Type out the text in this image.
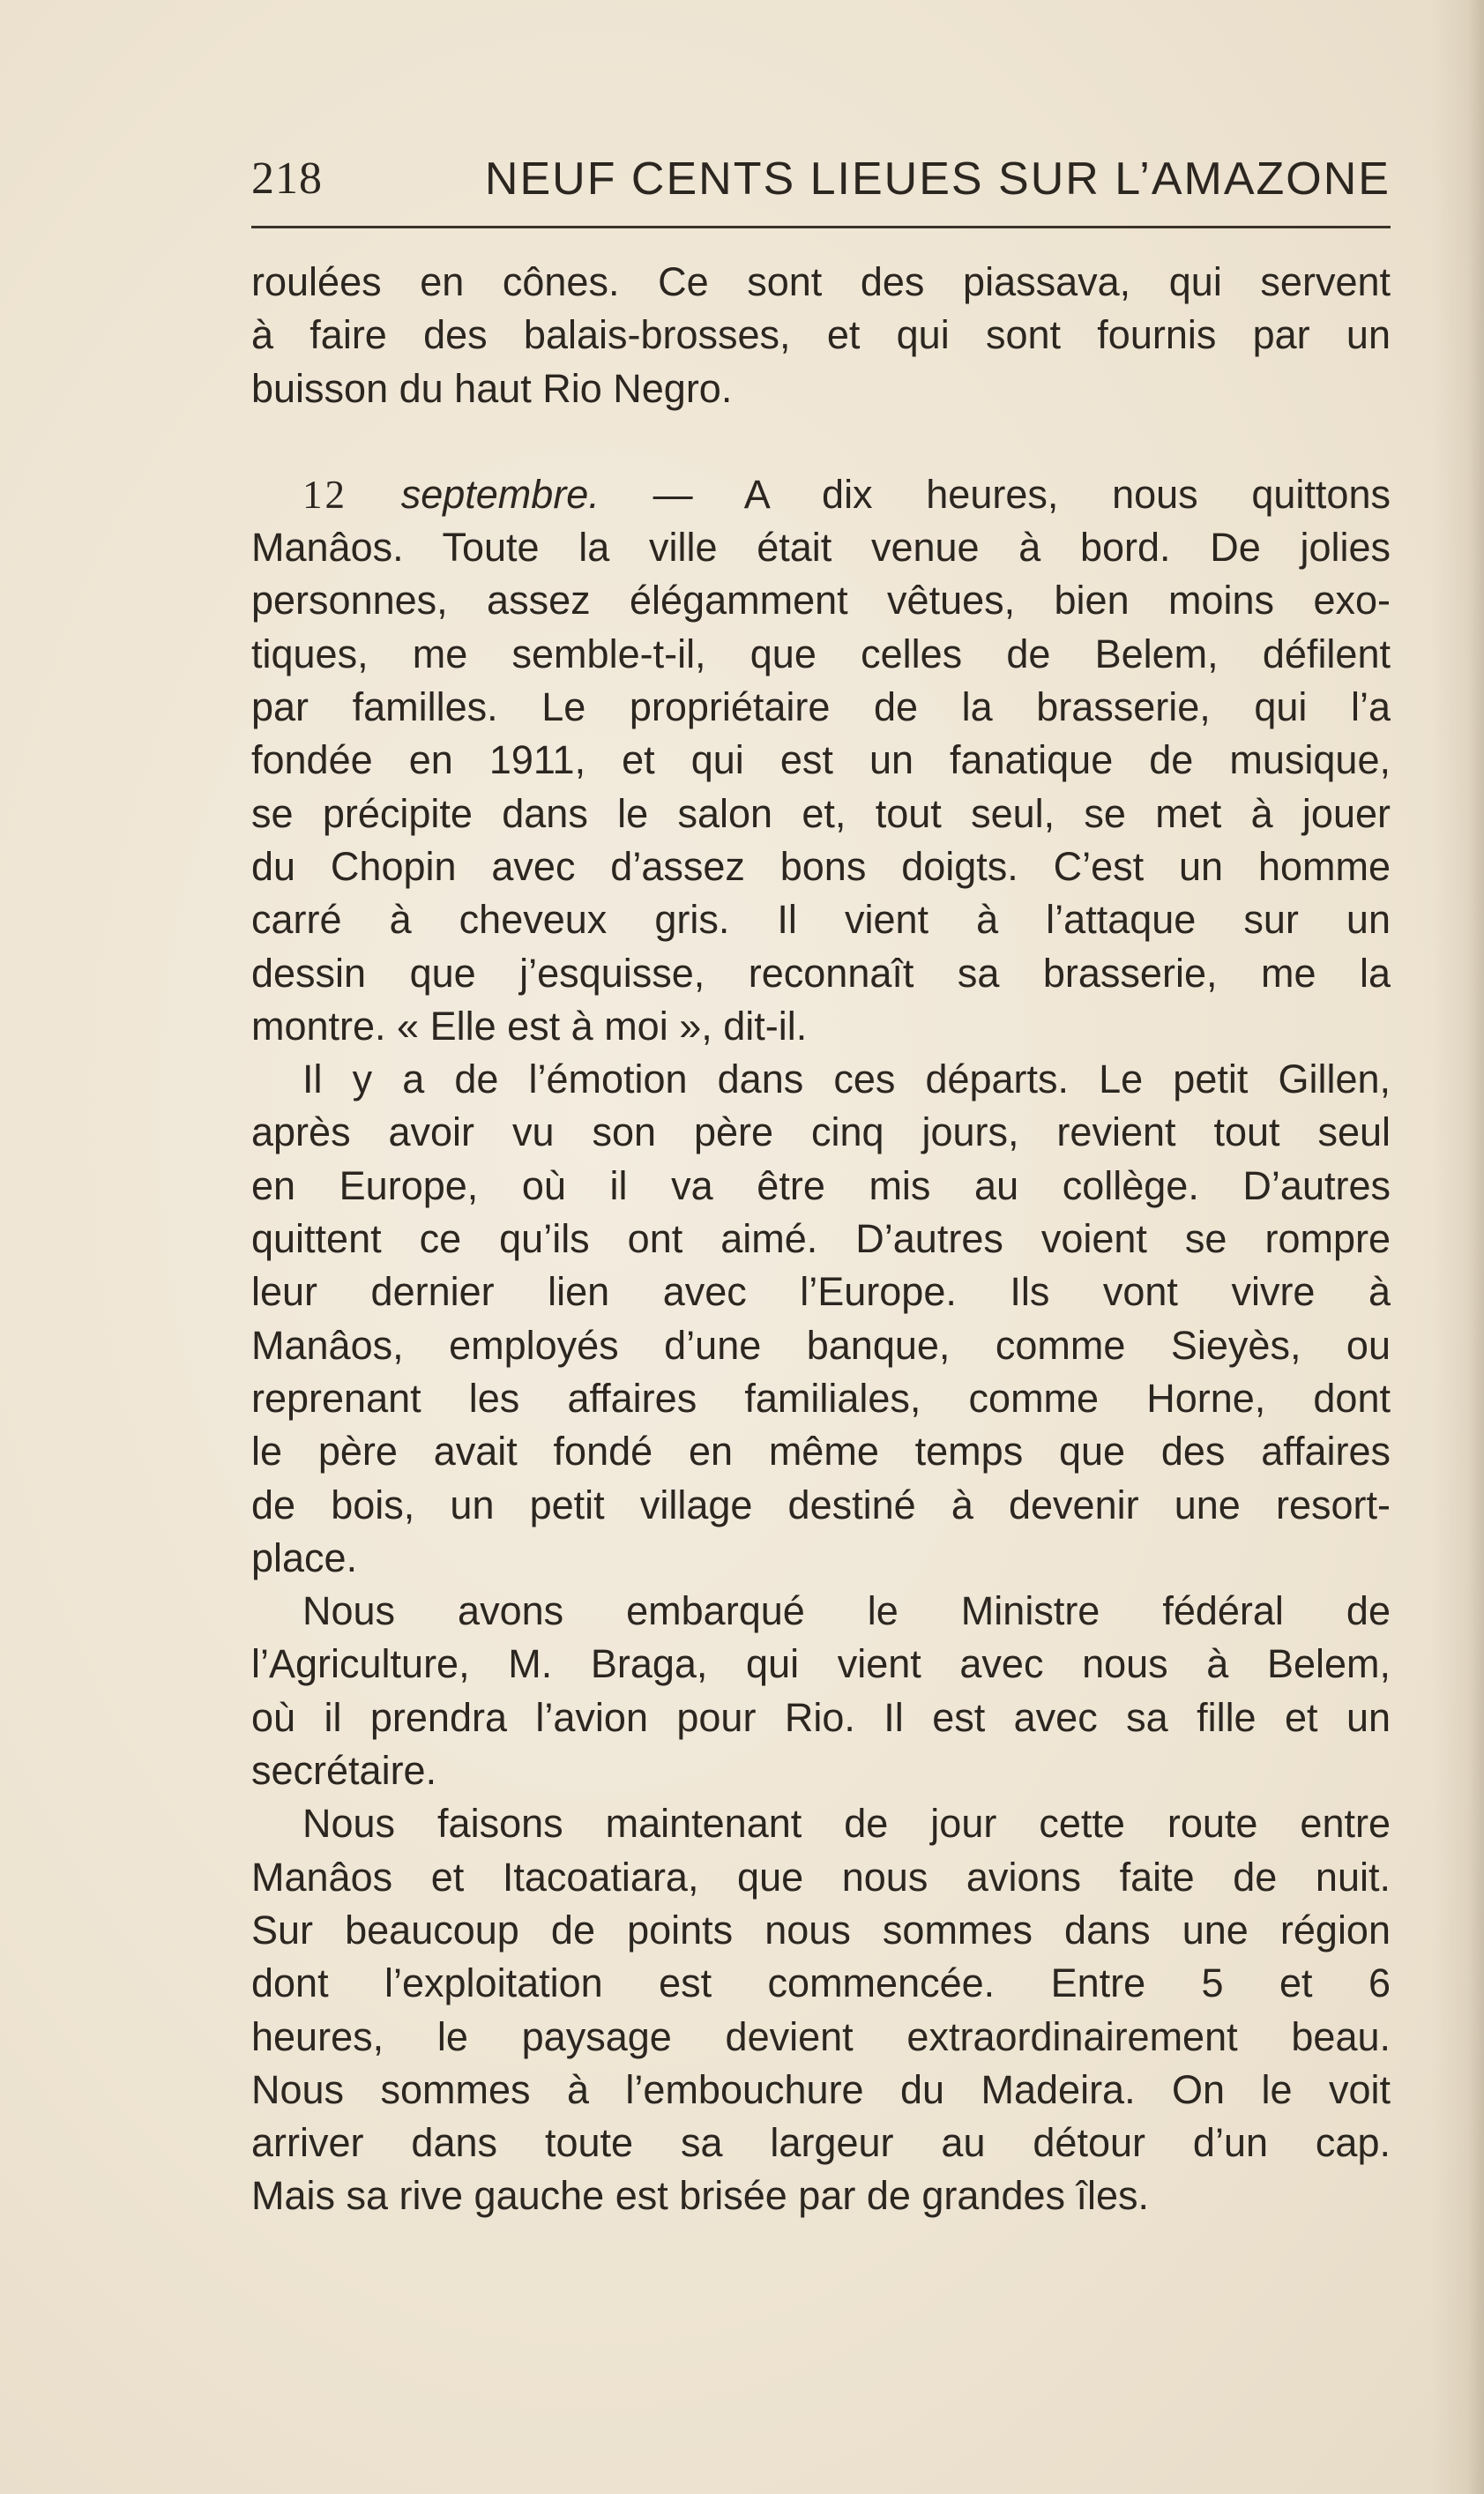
218	NEUF CENTS LIEUES SUR L’AMAZONE
roulées en cônes. Ce sont des piassava, qui servent
à faire des balais-brosses, et qui sont fournis par un
buisson du haut Rio Negro.
12 septembre. — A dix heures, nous quittons
Manâos. Toute la ville était venue à bord. De jolies
personnes, assez élégamment vêtues, bien moins exo-
tiques, me semble-t-il, que celles de Belem, défilent
par familles. Le propriétaire de la brasserie, qui l’a
fondée en 1911, et qui est un fanatique de musique,
se précipite dans le salon et, tout seul, se met à jouer
du Chopin avec d’assez bons doigts. C’est un homme
carré à cheveux gris. Il vient à l’attaque sur un
dessin que j’esquisse, reconnaît sa brasserie, me la
montre. « Elle est à moi », dit-il.
Il y a de l’émotion dans ces départs. Le petit Gillen,
après avoir vu son père cinq jours, revient tout seul
en Europe, où il va être mis au collège. D’autres
quittent ce qu’ils ont aimé. D’autres voient se rompre
leur dernier lien avec l’Europe. Ils vont vivre à
Manâos, employés d’une banque, comme Sieyès, ou
reprenant les affaires familiales, comme Horne, dont
le père avait fondé en même temps que des affaires
de bois, un petit village destiné à devenir une resort-
place.
Nous avons embarqué le Ministre fédéral de
l’Agriculture, M. Braga, qui vient avec nous à Belem,
où il prendra l’avion pour Rio. Il est avec sa fille et un
secrétaire.
Nous faisons maintenant de jour cette route entre
Manâos et Itacoatiara, que nous avions faite de nuit.
Sur beaucoup de points nous sommes dans une région
dont l’exploitation est commencée. Entre 5 et 6
heures, le paysage devient extraordinairement beau.
Nous sommes à l’embouchure du Madeira. On le voit
arriver dans toute sa largeur au détour d’un cap.
Mais sa rive gauche est brisée par de grandes îles.
